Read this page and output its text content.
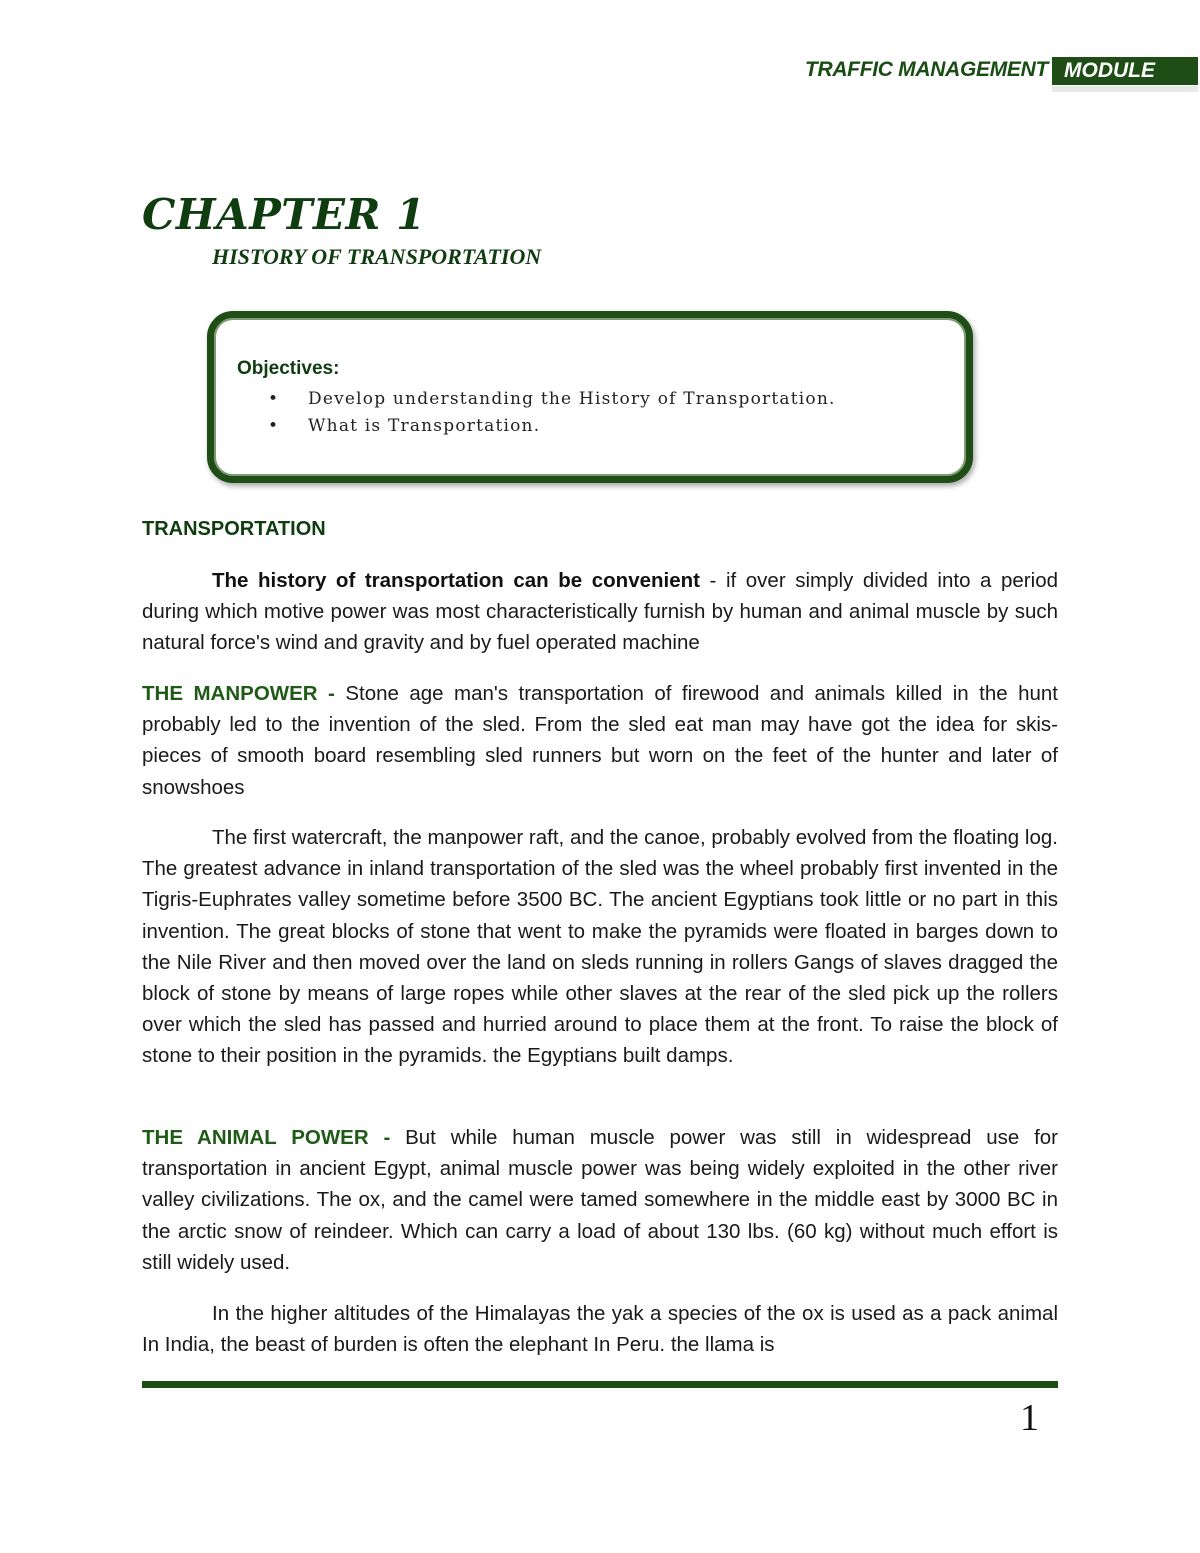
TRAFFIC MANAGEMENT MODULE
CHAPTER 1
HISTORY OF TRANSPORTATION
Objectives:
• Develop understanding the History of Transportation.
• What is Transportation.
TRANSPORTATION

The history of transportation can be convenient - if over simply divided into a period during which motive power was most characteristically furnish by human and animal muscle by such natural force's wind and gravity and by fuel operated machine

THE MANPOWER - Stone age man's transportation of firewood and animals killed in the hunt probably led to the invention of the sled. From the sled eat man may have got the idea for skis-pieces of smooth board resembling sled runners but worn on the feet of the hunter and later of snowshoes

The first watercraft, the manpower raft, and the canoe, probably evolved from the floating log. The greatest advance in inland transportation of the sled was the wheel probably first invented in the Tigris-Euphrates valley sometime before 3500 BC. The ancient Egyptians took little or no part in this invention. The great blocks of stone that went to make the pyramids were floated in barges down to the Nile River and then moved over the land on sleds running in rollers Gangs of slaves dragged the block of stone by means of large ropes while other slaves at the rear of the sled pick up the rollers over which the sled has passed and hurried around to place them at the front. To raise the block of stone to their position in the pyramids. the Egyptians built damps.

THE ANIMAL POWER - But while human muscle power was still in widespread use for transportation in ancient Egypt, animal muscle power was being widely exploited in the other river valley civilizations. The ox, and the camel were tamed somewhere in the middle east by 3000 BC in the arctic snow of reindeer. Which can carry a load of about 130 lbs. (60 kg) without much effort is still widely used.

In the higher altitudes of the Himalayas the yak a species of the ox is used as a pack animal In India, the beast of burden is often the elephant In Peru. the llama is

1
